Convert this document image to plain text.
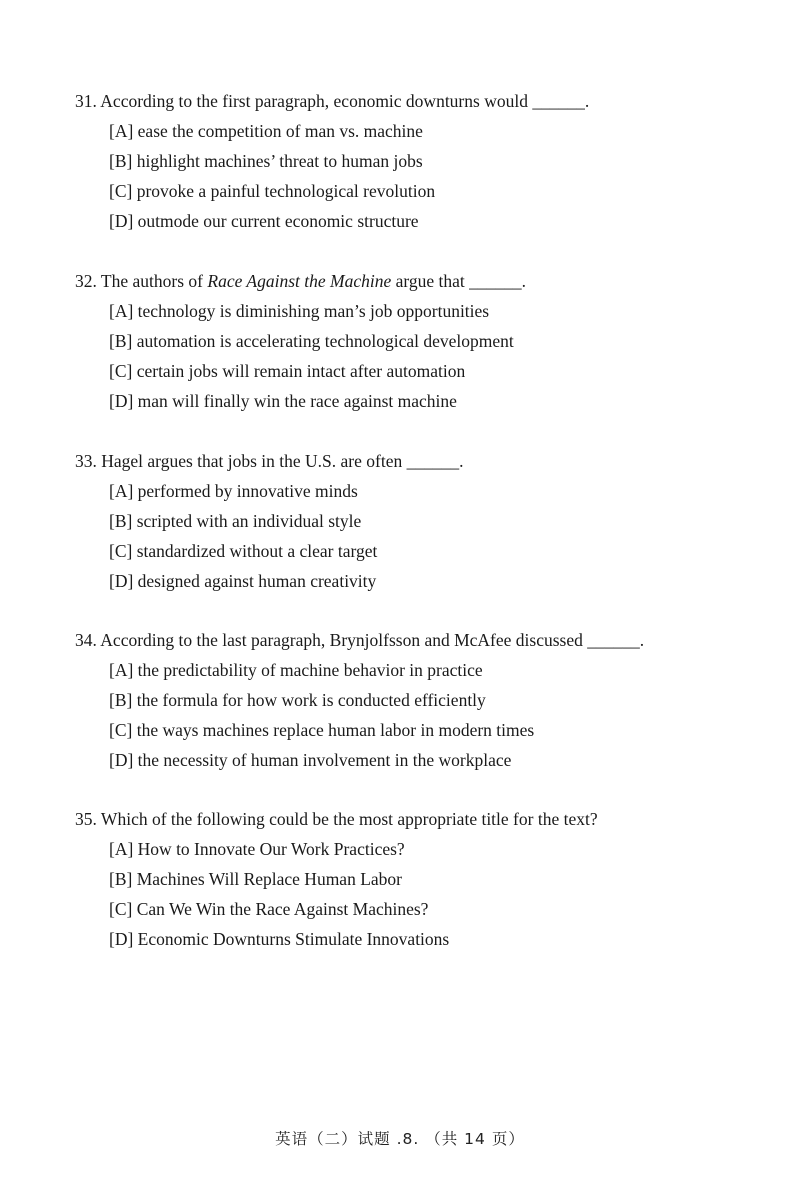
31. According to the first paragraph, economic downturns would ______.

[A] ease the competition of man vs. machine
[B] highlight machines’ threat to human jobs
[C] provoke a painful technological revolution
[D] outmode our current economic structure

32. The authors of Race Against the Machine argue that ______.

[A] technology is diminishing man’s job opportunities
[B] automation is accelerating technological development
[C] certain jobs will remain intact after automation
[D] man will finally win the race against machine

33. Hagel argues that jobs in the U.S. are often ______.

[A] performed by innovative minds
[B] scripted with an individual style
[C] standardized without a clear target
[D] designed against human creativity

34. According to the last paragraph, Brynjolfsson and McAfee discussed ______.

[A] the predictability of machine behavior in practice
[B] the formula for how work is conducted efficiently
[C] the ways machines replace human labor in modern times
[D] the necessity of human involvement in the workplace

35. Which of the following could be the most appropriate title for the text?

[A] How to Innovate Our Work Practices?
[B] Machines Will Replace Human Labor
[C] Can We Win the Race Against Machines?
[D] Economic Downturns Stimulate Innovations
英语（二）试题 .8. （共 14 页）
